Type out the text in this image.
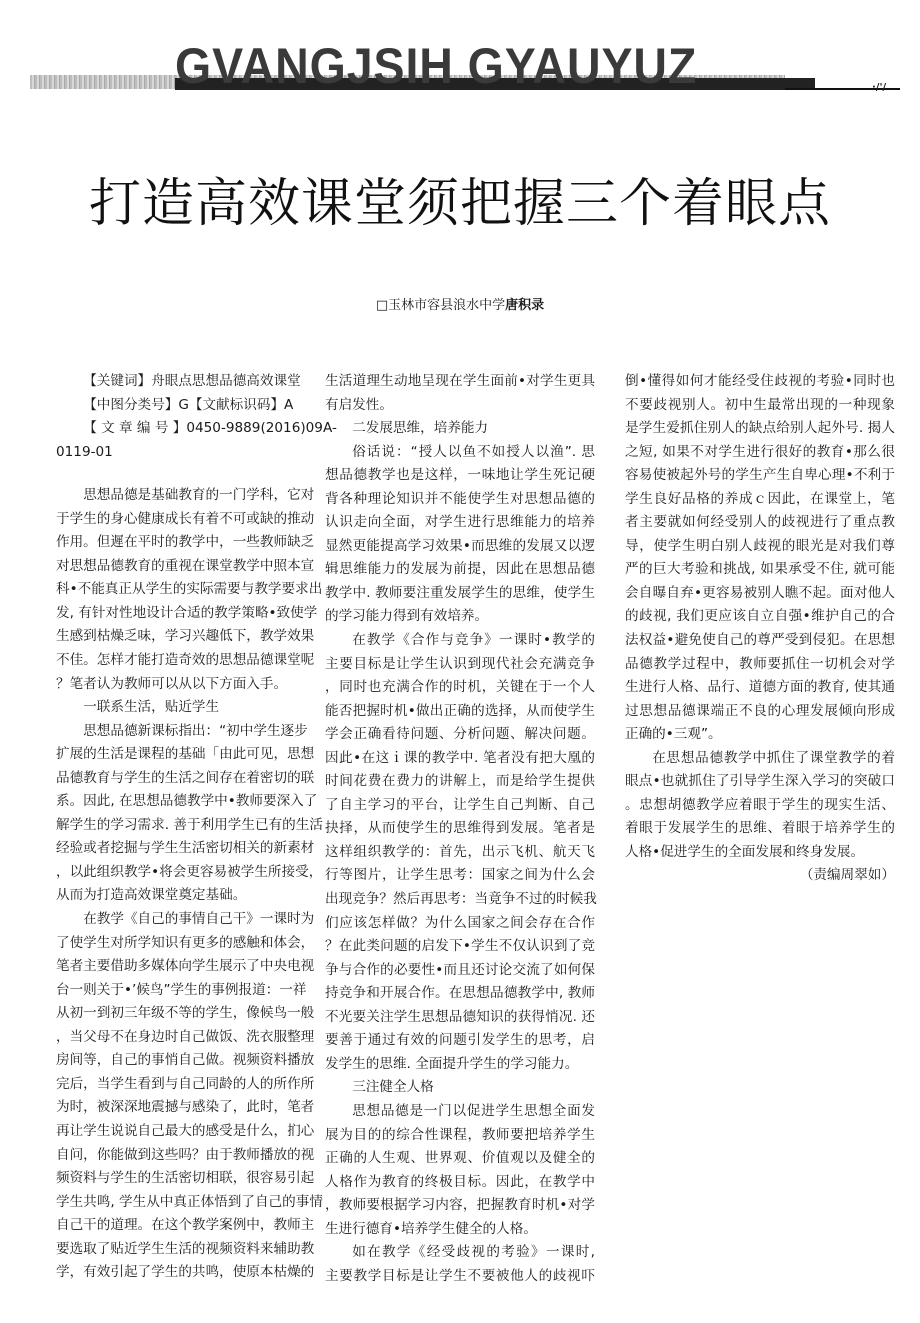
GVANGJSIH GYAUYUZ	·/'/
打造高效课堂须把握三个着眼点
□玉林市容县浪水中学唐积录
【关键词】舟眼点思想品德高效课堂
【中图分类号】G【文献标识码】A
【 文 章 编 号 】0450-9889(2016)09A-
0119-01
思想品德是基础教育的一门学科，它对
于学生的身心健康成长有着不可或缺的推动
作用。但遲在平时的教学中，一些教师缺乏
对思想品德教育的重视在课堂教学中照本宣
科•不能真正从学生的实际需要与教学要求出
发, 有针对性地设计合适的教学策略•致使学
生感到枯燥乏味，学习兴趣低下，教学效果
不佳。怎样才能打造奇效的思想品德课堂呢
？笔者认为教师可以从以下方面入手。
一联系生活，贴近学生
思想品德新课标指出：“初中学生逐步
扩展的生活是课程的基础「由此可见，思想
品德教育与学生的生活之间存在着密切的联
系。因此, 在思想品德教学中•教师要深入了
解学生的学习需求. 善于利用学生已有的生活
经验或者挖掘与学生生活密切相关的新素材
，以此组织教学•将会更容易被学生所接受，
从而为打造高效课堂奠定基础。
在教学《自己的事情自己干》一课时为
了使学生对所学知识有更多的感触和体会，
笔者主要借助多媒体向学生展示了中央电视
台一则关于•’候鸟”学生的事例报道：一祥
从初一到初三年级不等的学生，像候鸟一般
，当父母不在身边时自己做饭、洗衣服整理
房间等，自己的事悄自己做。视频资料播放
完后，当学生看到与自己同龄的人的所作所
为时，被深深地震撼与感染了，此时，笔者
再让学生说说自己最大的感受是什么，扪心
自问，你能做到这些吗？由于教师播放的视
频资料与学生的生活密切相联，很容易引起
学生共鸣, 学生从中真正体悟到了自己的事情
自己干的道理。在这个教学案例中，教师主
要选取了贴近学生生活的视频资料来辅助教
学，有效引起了学生的共鸣，使原本枯燥的
生活道理生动地呈现在学生面前•对学生更具
有启发性。
二发展思维，培养能力
俗话说：“授人以鱼不如授人以渔”. 思
想品德教学也是这样，一味地让学生死记硬
背各种理论知识并不能使学生对思想品德的
认识走向全面，对学生进行思维能力的培养
显然更能提高学习效果•而思维的发展又以逻
辑思维能力的发展为前提，因此在思想品德
教学中. 教师要注重发展学生的思维，使学生
的学习能力得到有效培养。
在教学《合作与竞争》一课时•教学的
主要目标是让学生认识到现代社会充满竞争
，同时也充满合作的时机，关键在于一个人
能否把握时机•做出正确的选择，从而使学生
学会正确看待问题、分析问题、解决问题。
因此•在这ｉ课的教学中. 笔者没有把大凰的
时间花费在费力的讲解上，而是给学生提供
了自主学习的平台，让学生自己判断、自己
抉择，从而使学生的思维得到发展。笔者是
这样组织教学的：首先，出示飞机、航天飞
行等图片，让学生思考：国家之间为什么会
出现竞争？然后再思考：当竟争不过的时候我
们应该怎样做？为什么国家之间会存在合作
？在此类问题的启发下•学生不仅认识到了竞
争与合作的必要性•而且还讨论交流了如何保
持竞争和开展合作。在思想品德教学中, 教师
不光要关注学生思想品德知识的获得悄况. 还
要善于通过有效的问题引发学生的思考，启
发学生的思维. 全面提升学生的学习能力。
三注健全人格
思想品德是一门以促进学生思想全面发
展为目的的综合性课程，教师要把培养学生
正确的人生观、世界观、价值观以及健全的
人格作为教育的终极目标。因此，在教学中
，教师要根据学习内容，把握教育时机•对学
生进行德育•培养学生健全的人格。
如在教学《经受歧视的考验》一课时,
主要教学目标是让学生不要被他人的歧视吓
倒•懂得如何才能经受住歧视的考验•同时也
不要歧视别人。初中生最常出现的一种现象
是学生爱抓住别人的缺点给别人起外号. 揭人
之短, 如果不对学生进行很好的教育•那么很
容易使被起外号的学生产生自卑心理•不利于
学生良好品格的养成ｃ因此，在课堂上，笔
者主要就如何经受别人的歧视进行了重点教
导，使学生明白别人歧视的眼光是对我们尊
严的巨大考验和挑战, 如果承受不住, 就可能
会自曝自弃•更容易被别人瞧不起。面对他人
的歧视, 我们更应该自立自强•维护自己的合
法权益•避免使自己的尊严受到侵犯。在思想
品德教学过程中，教师要抓住一切机会对学
生进行人格、品行、道德方面的教育, 使其通
过思想品德课端正不良的心理发展倾向形成
正确的•三观”。
在思想品德教学中抓住了课堂教学的着
眼点•也就抓住了引导学生深入学习的突破口
。忠想胡德教学应着眼于学生的现实生活、
着眼于发展学生的思维、着眼于培养学生的
人格•促进学生的全面发展和终身发展。
（责编周翠如）
